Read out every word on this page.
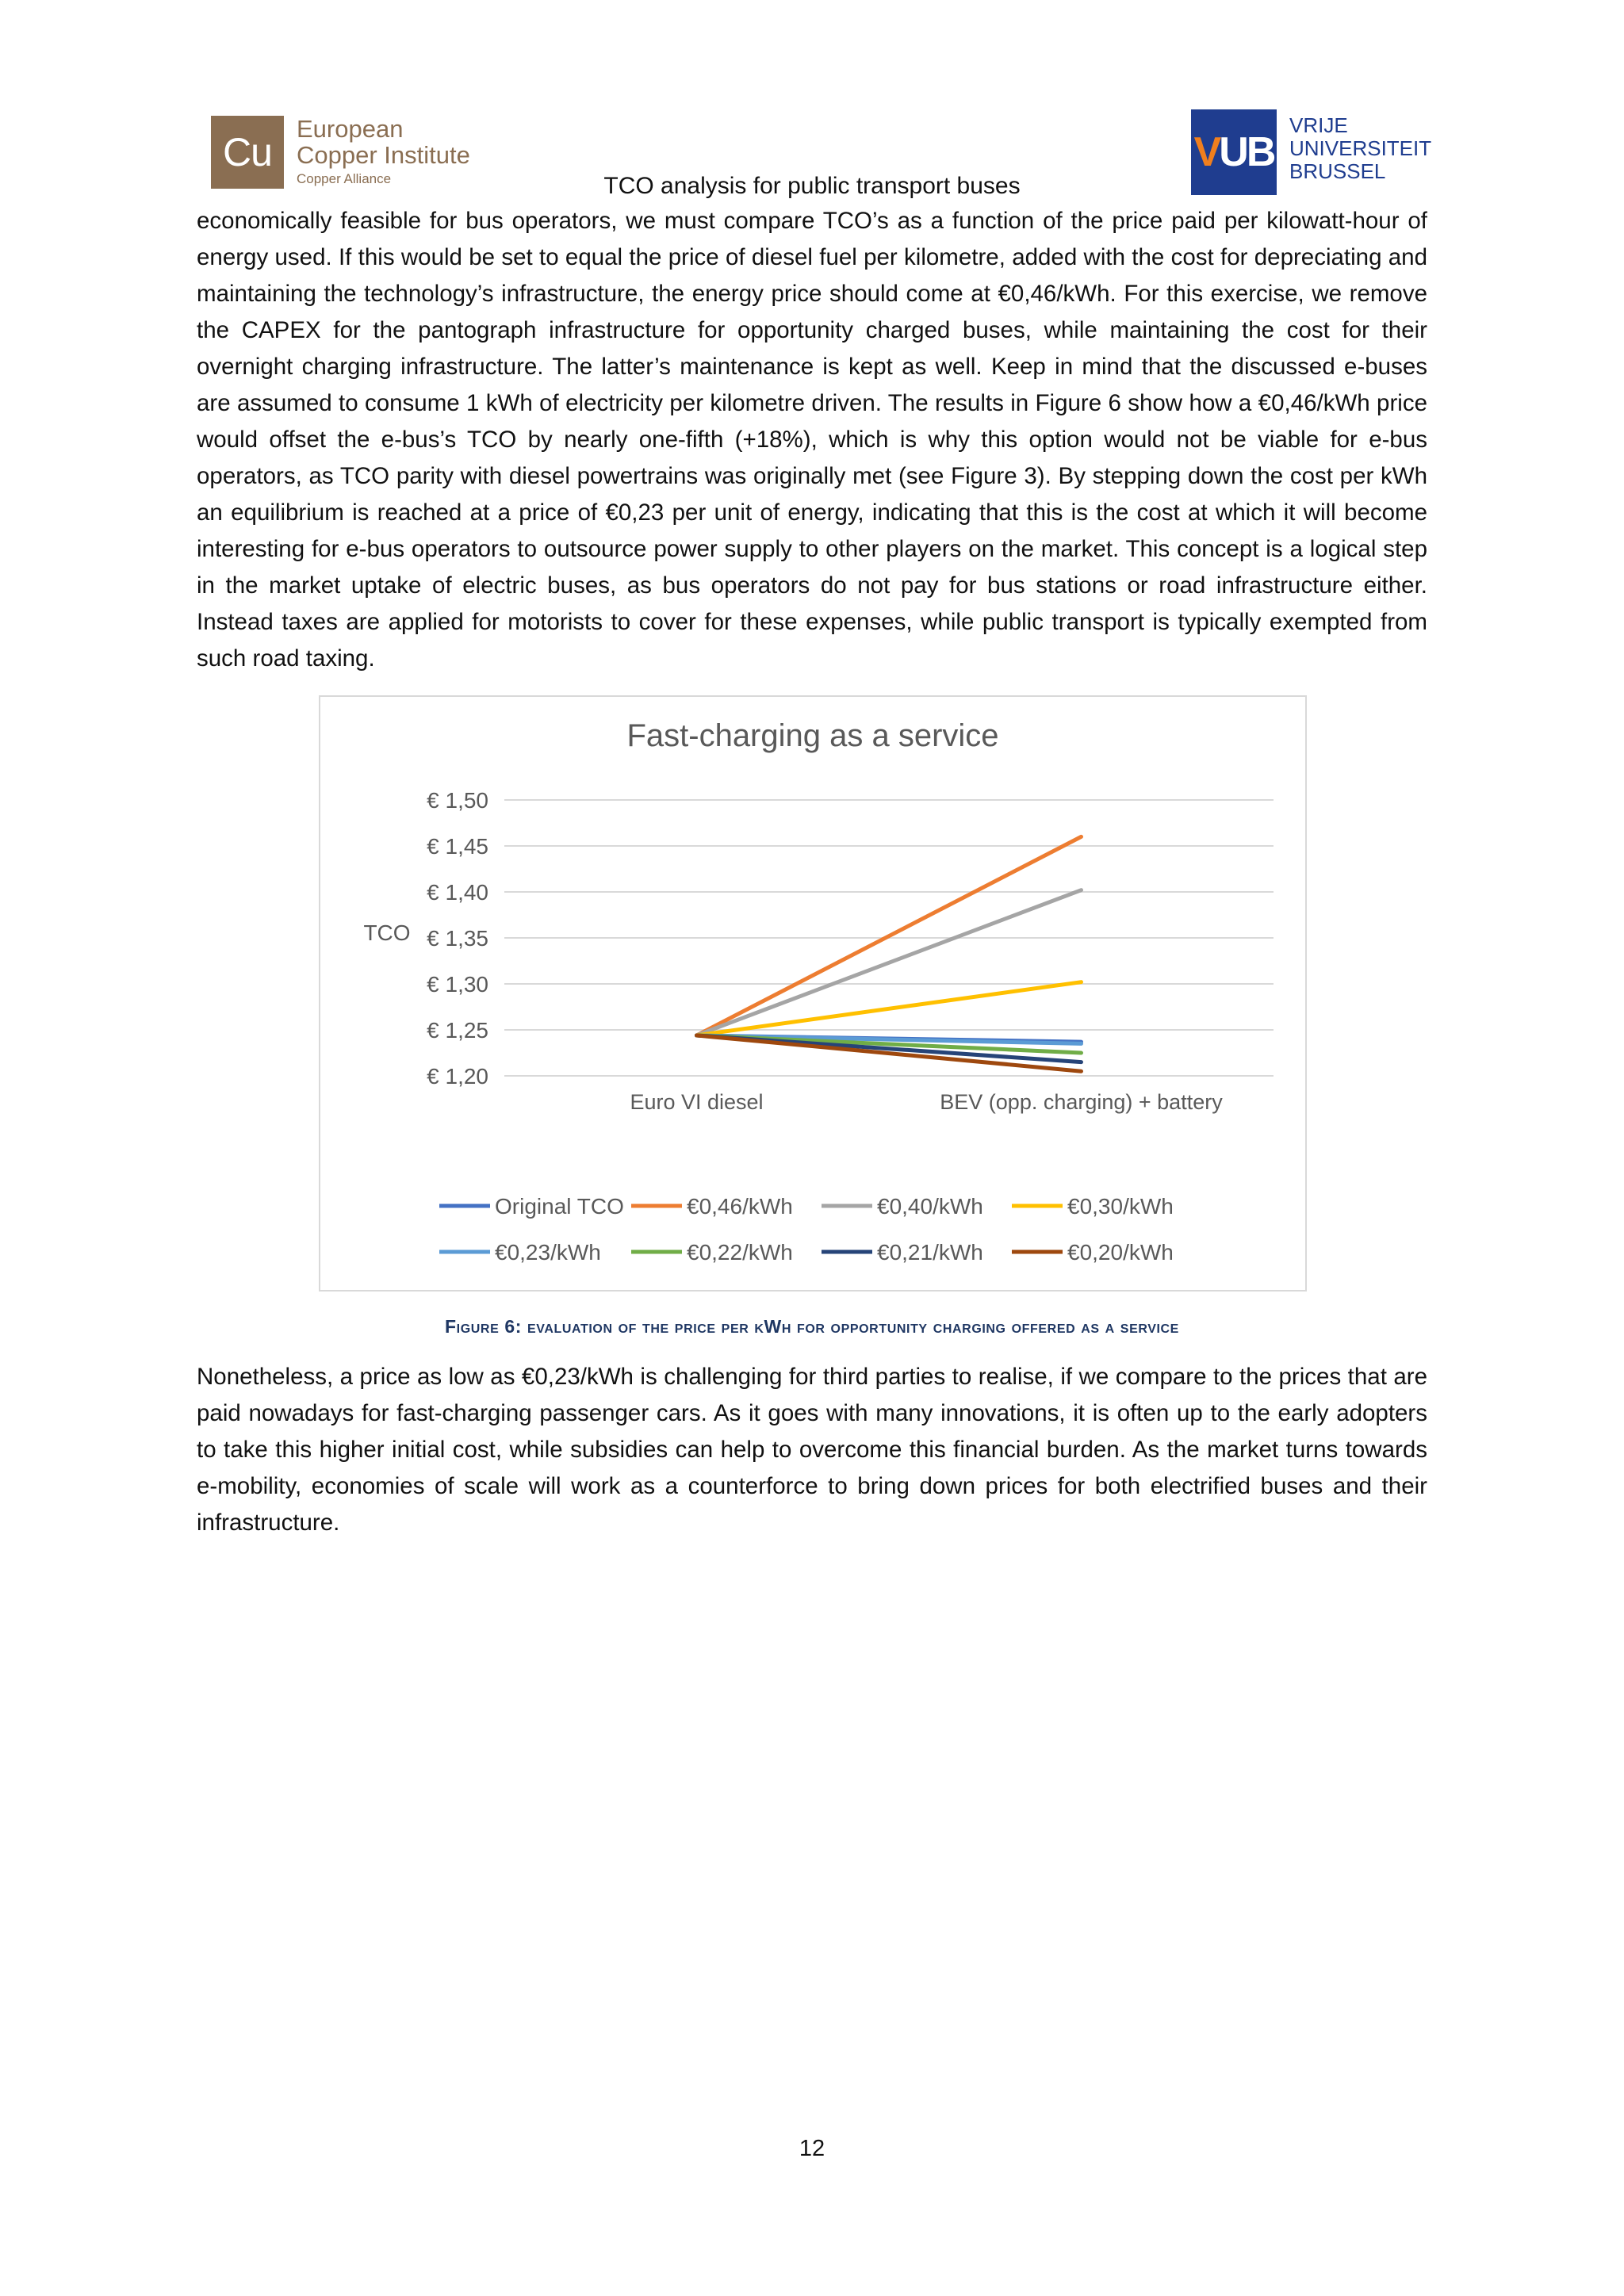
Cu
European
Copper Institute
Copper Alliance	TCO analysis for public transport buses
VUB
VRIJE
UNIVERSITEIT
BRUSSEL
economically feasible for bus operators, we must compare TCO’s as a function of the price paid per kilowatt-hour of energy used. If this would be set to equal the price of diesel fuel per kilometre, added with the cost for depreciating and maintaining the technology’s infrastructure, the energy price should come at €0,46/kWh. For this exercise, we remove the CAPEX for the pantograph infrastructure for opportunity charged buses, while maintaining the cost for their overnight charging infrastructure. The latter’s maintenance is kept as well. Keep in mind that the discussed e-buses are assumed to consume 1 kWh of electricity per kilometre driven. The results in Figure 6 show how a €0,46/kWh price would offset the e-bus’s TCO by nearly one-fifth (+18%), which is why this option would not be viable for e-bus operators, as TCO parity with diesel powertrains was originally met (see Figure 3). By stepping down the cost per kWh an equilibrium is reached at a price of €0,23 per unit of energy, indicating that this is the cost at which it will become interesting for e-bus operators to outsource power supply to other players on the market. This concept is a logical step in the market uptake of electric buses, as bus operators do not pay for bus stations or road infrastructure either. Instead taxes are applied for motorists to cover for these expenses, while public transport is typically exempted from such road taxing.
Fast-charging as a service
TCO
€ 1,50
€ 1,45
€ 1,40
€ 1,35
€ 1,30
€ 1,25
€ 1,20
Euro VI diesel	BEV (opp. charging) + battery
Original TCO	€0,46/kWh	€0,40/kWh	€0,30/kWh
€0,23/kWh	€0,22/kWh	€0,21/kWh	€0,20/kWh
Figure 6: evaluation of the price per kWh for opportunity charging offered as a service
Nonetheless, a price as low as €0,23/kWh is challenging for third parties to realise, if we compare to the prices that are paid nowadays for fast-charging passenger cars. As it goes with many innovations, it is often up to the early adopters to take this higher initial cost, while subsidies can help to overcome this financial burden. As the market turns towards e-mobility, economies of scale will work as a counterforce to bring down prices for both electrified buses and their infrastructure.
12
